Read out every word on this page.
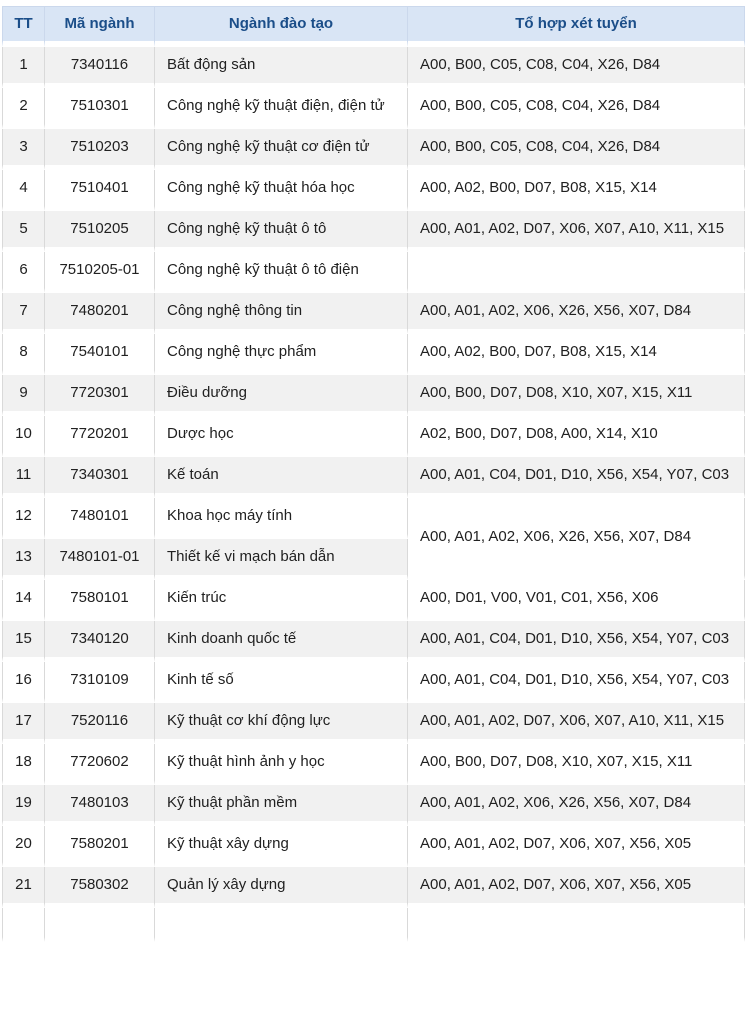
TT	Mã ngành	Ngành đào tạo	Tổ hợp xét tuyển
1	7340116	Bất động sản	A00, B00, C05, C08, C04, X26, D84
2	7510301	Công nghệ kỹ thuật điện, điện tử	A00, B00, C05, C08, C04, X26, D84
3	7510203	Công nghệ kỹ thuật cơ điện tử	A00, B00, C05, C08, C04, X26, D84
4	7510401	Công nghệ kỹ thuật hóa học	A00, A02, B00, D07, B08, X15, X14
5	7510205	Công nghệ kỹ thuật ô tô	A00, A01, A02, D07, X06, X07, A10, X11, X15
6	7510205-01	Công nghệ kỹ thuật ô tô điện	
7	7480201	Công nghệ thông tin	A00, A01, A02, X06, X26, X56, X07, D84
8	7540101	Công nghệ thực phẩm	A00, A02, B00, D07, B08, X15, X14
9	7720301	Điều dưỡng	A00, B00, D07, D08, X10, X07, X15, X11
10	7720201	Dược học	A02, B00, D07, D08, A00, X14, X10
11	7340301	Kế toán	A00, A01, C04, D01, D10, X56, X54, Y07, C03
12	7480101	Khoa học máy tính	A00, A01, A02, X06, X26, X56, X07, D84
13	7480101-01	Thiết kế vi mạch bán dẫn	
14	7580101	Kiến trúc	A00, D01, V00, V01, C01, X56, X06
15	7340120	Kinh doanh quốc tế	A00, A01, C04, D01, D10, X56, X54, Y07, C03
16	7310109	Kinh tế số	A00, A01, C04, D01, D10, X56, X54, Y07, C03
17	7520116	Kỹ thuật cơ khí động lực	A00, A01, A02, D07, X06, X07, A10, X11, X15
18	7720602	Kỹ thuật hình ảnh y học	A00, B00, D07, D08, X10, X07, X15, X11
19	7480103	Kỹ thuật phần mềm	A00, A01, A02, X06, X26, X56, X07, D84
20	7580201	Kỹ thuật xây dựng	A00, A01, A02, D07, X06, X07, X56, X05
21	7580302	Quản lý xây dựng	A00, A01, A02, D07, X06, X07, X56, X05
